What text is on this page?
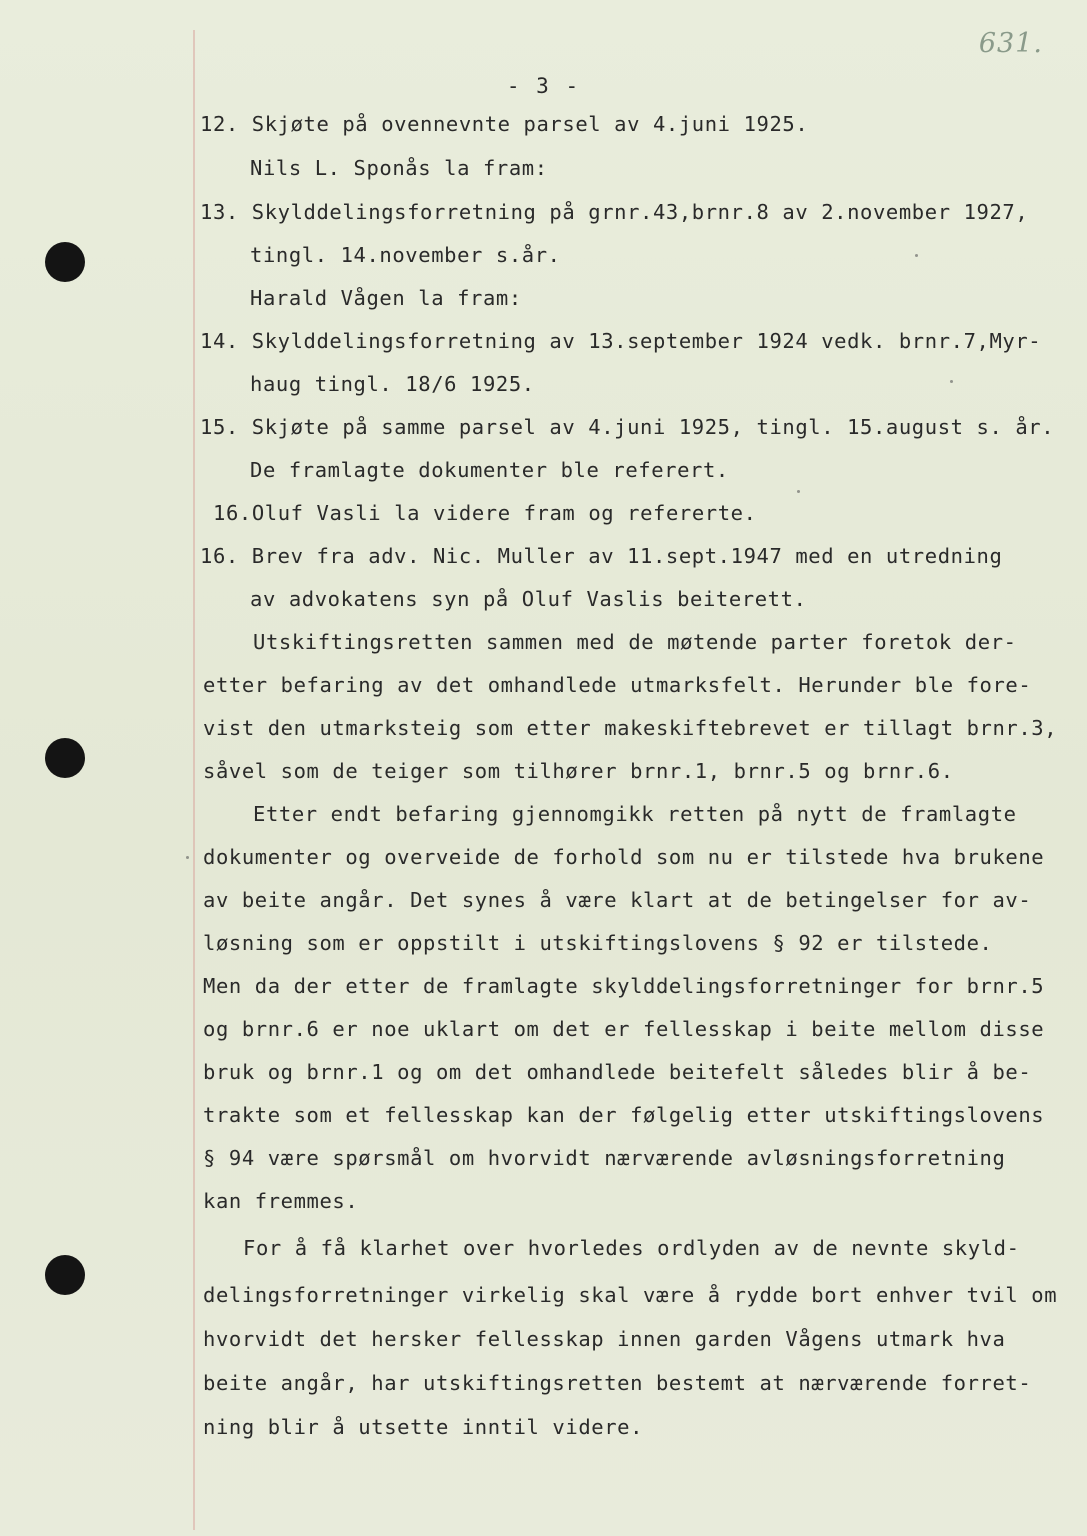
631.
- 3 -
12. Skjøte på ovennevnte parsel av 4.juni 1925.
Nils L. Sponås la fram:
13. Skylddelingsforretning på grnr.43,brnr.8 av 2.november 1927,
tingl. 14.november s.år.
Harald Vågen la fram:
14. Skylddelingsforretning av 13.september 1924 vedk. brnr.7,Myr-
haug tingl. 18/6 1925.
15. Skjøte på samme parsel av 4.juni 1925, tingl. 15.august s. år.
De framlagte dokumenter ble referert.
16.Oluf Vasli la videre fram og refererte.
16. Brev fra adv. Nic. Muller av 11.sept.1947 med en utredning
av advokatens syn på Oluf Vaslis beiterett.
Utskiftingsretten sammen med de møtende parter foretok der-
etter befaring av det omhandlede utmarksfelt. Herunder ble fore-
vist den utmarksteig som etter makeskiftebrevet er tillagt brnr.3,
såvel som de teiger som tilhører brnr.1, brnr.5 og brnr.6.
Etter endt befaring gjennomgikk retten på nytt de framlagte
dokumenter og overveide de forhold som nu er tilstede hva brukene
av beite angår. Det synes å være klart at de betingelser for av-
løsning som er oppstilt i utskiftingslovens § 92 er tilstede.
Men da der etter de framlagte skylddelingsforretninger for brnr.5
og brnr.6 er noe uklart om det er fellesskap i beite mellom disse
bruk og brnr.1 og om det omhandlede beitefelt således blir å be-
trakte som et fellesskap kan der følgelig etter utskiftingslovens
§ 94 være spørsmål om hvorvidt nærværende avløsningsforretning
kan fremmes.
For å få klarhet over hvorledes ordlyden av de nevnte skyld-
delingsforretninger virkelig skal være å rydde bort enhver tvil om
hvorvidt det hersker fellesskap innen garden Vågens utmark hva
beite angår, har utskiftingsretten bestemt at nærværende forret-
ning blir å utsette inntil videre.
